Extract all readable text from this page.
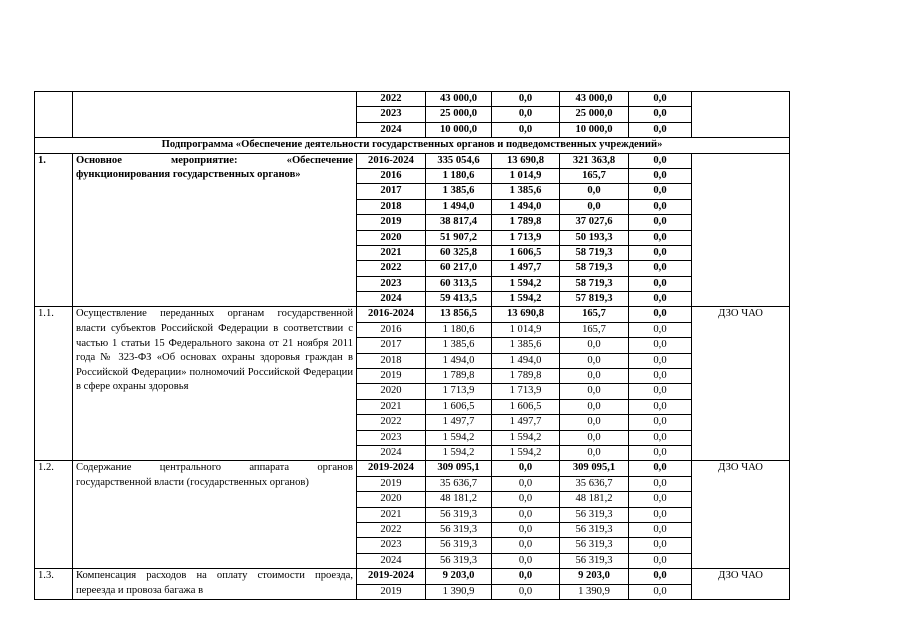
		2022	43 000,0	0,0	43 000,0	0,0	
		2023	25 000,0	0,0	25 000,0	0,0	
		2024	10 000,0	0,0	10 000,0	0,0	
Подпрограмма «Обеспечение деятельности государственных органов и подведомственных учреждений»							
1.	Основное мероприятие: «Обеспечение функционирования государственных органов»	2016-2024	335 054,6	13 690,8	321 363,8	0,0	
		2016	1 180,6	1 014,9	165,7	0,0	
		2017	1 385,6	1 385,6	0,0	0,0	
		2018	1 494,0	1 494,0	0,0	0,0	
		2019	38 817,4	1 789,8	37 027,6	0,0	
		2020	51 907,2	1 713,9	50 193,3	0,0	
		2021	60 325,8	1 606,5	58 719,3	0,0	
		2022	60 217,0	1 497,7	58 719,3	0,0	
		2023	60 313,5	1 594,2	58 719,3	0,0	
		2024	59 413,5	1 594,2	57 819,3	0,0	
1.1.	Осуществление переданных органам государственной власти субъектов Российской Федерации в соответствии с частью 1 статьи 15 Федерального закона от 21 ноября 2011 года № 323-ФЗ «Об основах охраны здоровья граждан в Российской Федерации» полномочий Российской Федерации в сфере охраны здоровья	2016-2024	13 856,5	13 690,8	165,7	0,0	ДЗО ЧАО
		2016	1 180,6	1 014,9	165,7	0,0	
		2017	1 385,6	1 385,6	0,0	0,0	
		2018	1 494,0	1 494,0	0,0	0,0	
		2019	1 789,8	1 789,8	0,0	0,0	
		2020	1 713,9	1 713,9	0,0	0,0	
		2021	1 606,5	1 606,5	0,0	0,0	
		2022	1 497,7	1 497,7	0,0	0,0	
		2023	1 594,2	1 594,2	0,0	0,0	
		2024	1 594,2	1 594,2	0,0	0,0	
1.2.	Содержание центрального аппарата органов государственной власти (государственных органов)	2019-2024	309 095,1	0,0	309 095,1	0,0	ДЗО ЧАО
		2019	35 636,7	0,0	35 636,7	0,0	
		2020	48 181,2	0,0	48 181,2	0,0	
		2021	56 319,3	0,0	56 319,3	0,0	
		2022	56 319,3	0,0	56 319,3	0,0	
		2023	56 319,3	0,0	56 319,3	0,0	
		2024	56 319,3	0,0	56 319,3	0,0	
1.3.	Компенсация расходов на оплату стоимости проезда, переезда и провоза багажа в	2019-2024	9 203,0	0,0	9 203,0	0,0	ДЗО ЧАО
		2019	1 390,9	0,0	1 390,9	0,0	
